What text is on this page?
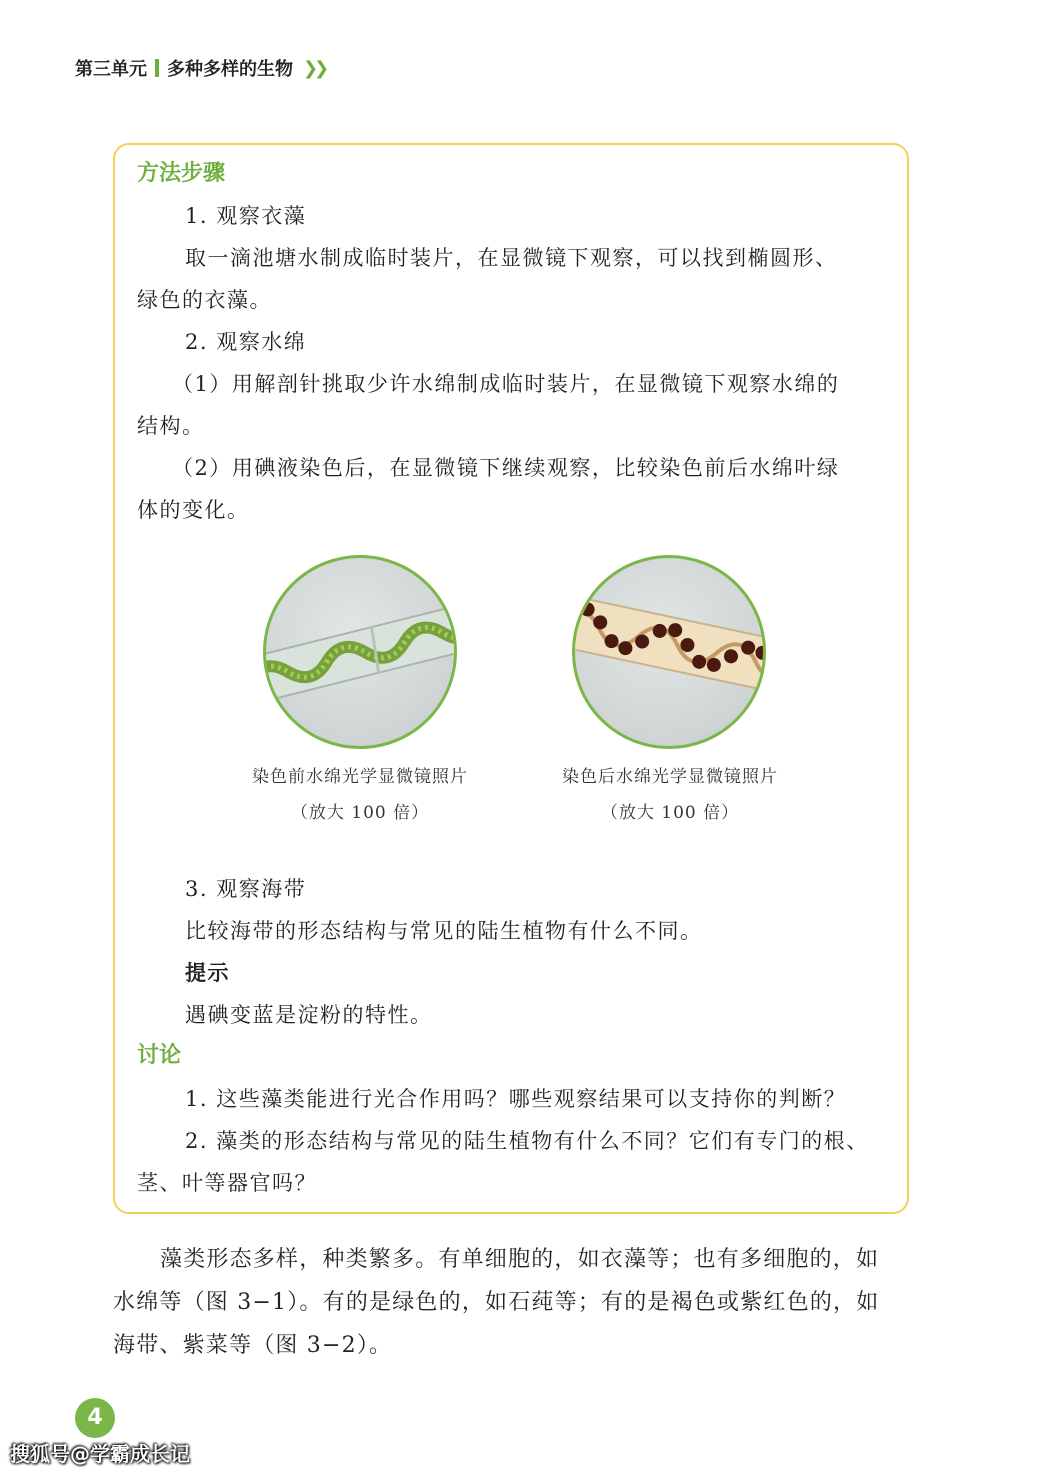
第三单元 多种多样的生物 ❯❯
方法步骤
1. 观察衣藻
取一滴池塘水制成临时装片，在显微镜下观察，可以找到椭圆形、
绿色的衣藻。
2. 观察水绵
（1）用解剖针挑取少许水绵制成临时装片，在显微镜下观察水绵的
结构。
（2）用碘液染色后，在显微镜下继续观察，比较染色前后水绵叶绿
体的变化。
染色前水绵光学显微镜照片
（放大 100 倍）
染色后水绵光学显微镜照片
（放大 100 倍）
3. 观察海带
比较海带的形态结构与常见的陆生植物有什么不同。
提示
遇碘变蓝是淀粉的特性。
讨论
1. 这些藻类能进行光合作用吗？哪些观察结果可以支持你的判断？
2. 藻类的形态结构与常见的陆生植物有什么不同？它们有专门的根、
茎、叶等器官吗？
藻类形态多样，种类繁多。有单细胞的，如衣藻等；也有多细胞的，如
水绵等（图 3−1）。有的是绿色的，如石莼等；有的是褐色或紫红色的，如
海带、紫菜等（图 3−2）。
4
搜狐号@学霸成长记
